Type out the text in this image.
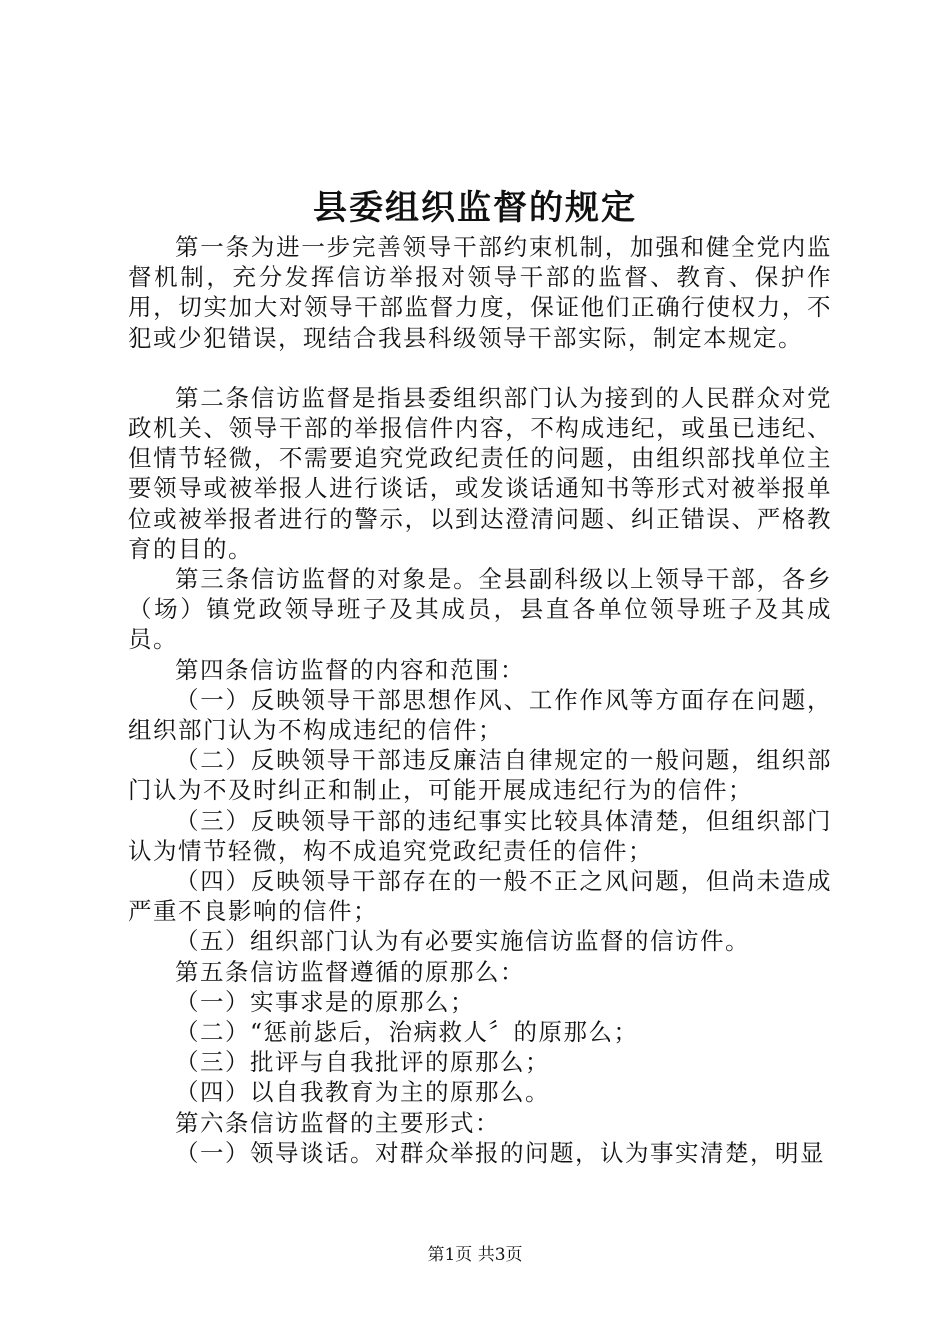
县委组织监督的规定

第一条为进一步完善领导干部约束机制，加强和健全党内监督机制，充分发挥信访举报对领导干部的监督、教育、保护作用，切实加大对领导干部监督力度，保证他们正确行使权力，不犯或少犯错误，现结合我县科级领导干部实际，制定本规定。

第二条信访监督是指县委组织部门认为接到的人民群众对党政机关、领导干部的举报信件内容，不构成违纪，或虽已违纪、但情节轻微，不需要追究党政纪责任的问题，由组织部找单位主要领导或被举报人进行谈话，或发谈话通知书等形式对被举报单位或被举报者进行的警示，以到达澄清问题、纠正错误、严格教育的目的。

第三条信访监督的对象是。全县副科级以上领导干部，各乡（场）镇党政领导班子及其成员，县直各单位领导班子及其成员。

第四条信访监督的内容和范围：

（一）反映领导干部思想作风、工作作风等方面存在问题，组织部门认为不构成违纪的信件；

（二）反映领导干部违反廉洁自律规定的一般问题，组织部门认为不及时纠正和制止，可能开展成违纪行为的信件；

（三）反映领导干部的违纪事实比较具体清楚，但组织部门认为情节轻微，构不成追究党政纪责任的信件；

（四）反映领导干部存在的一般不正之风问题，但尚未造成严重不良影响的信件；

（五）组织部门认为有必要实施信访监督的信访件。

第五条信访监督遵循的原那么：

（一）实事求是的原那么；

（二）“惩前毖后，治病救人〞的原那么；

（三）批评与自我批评的原那么；

（四）以自我教育为主的原那么。

第六条信访监督的主要形式：

（一）领导谈话。对群众举报的问题，认为事实清楚，明显

第1页 共3页
